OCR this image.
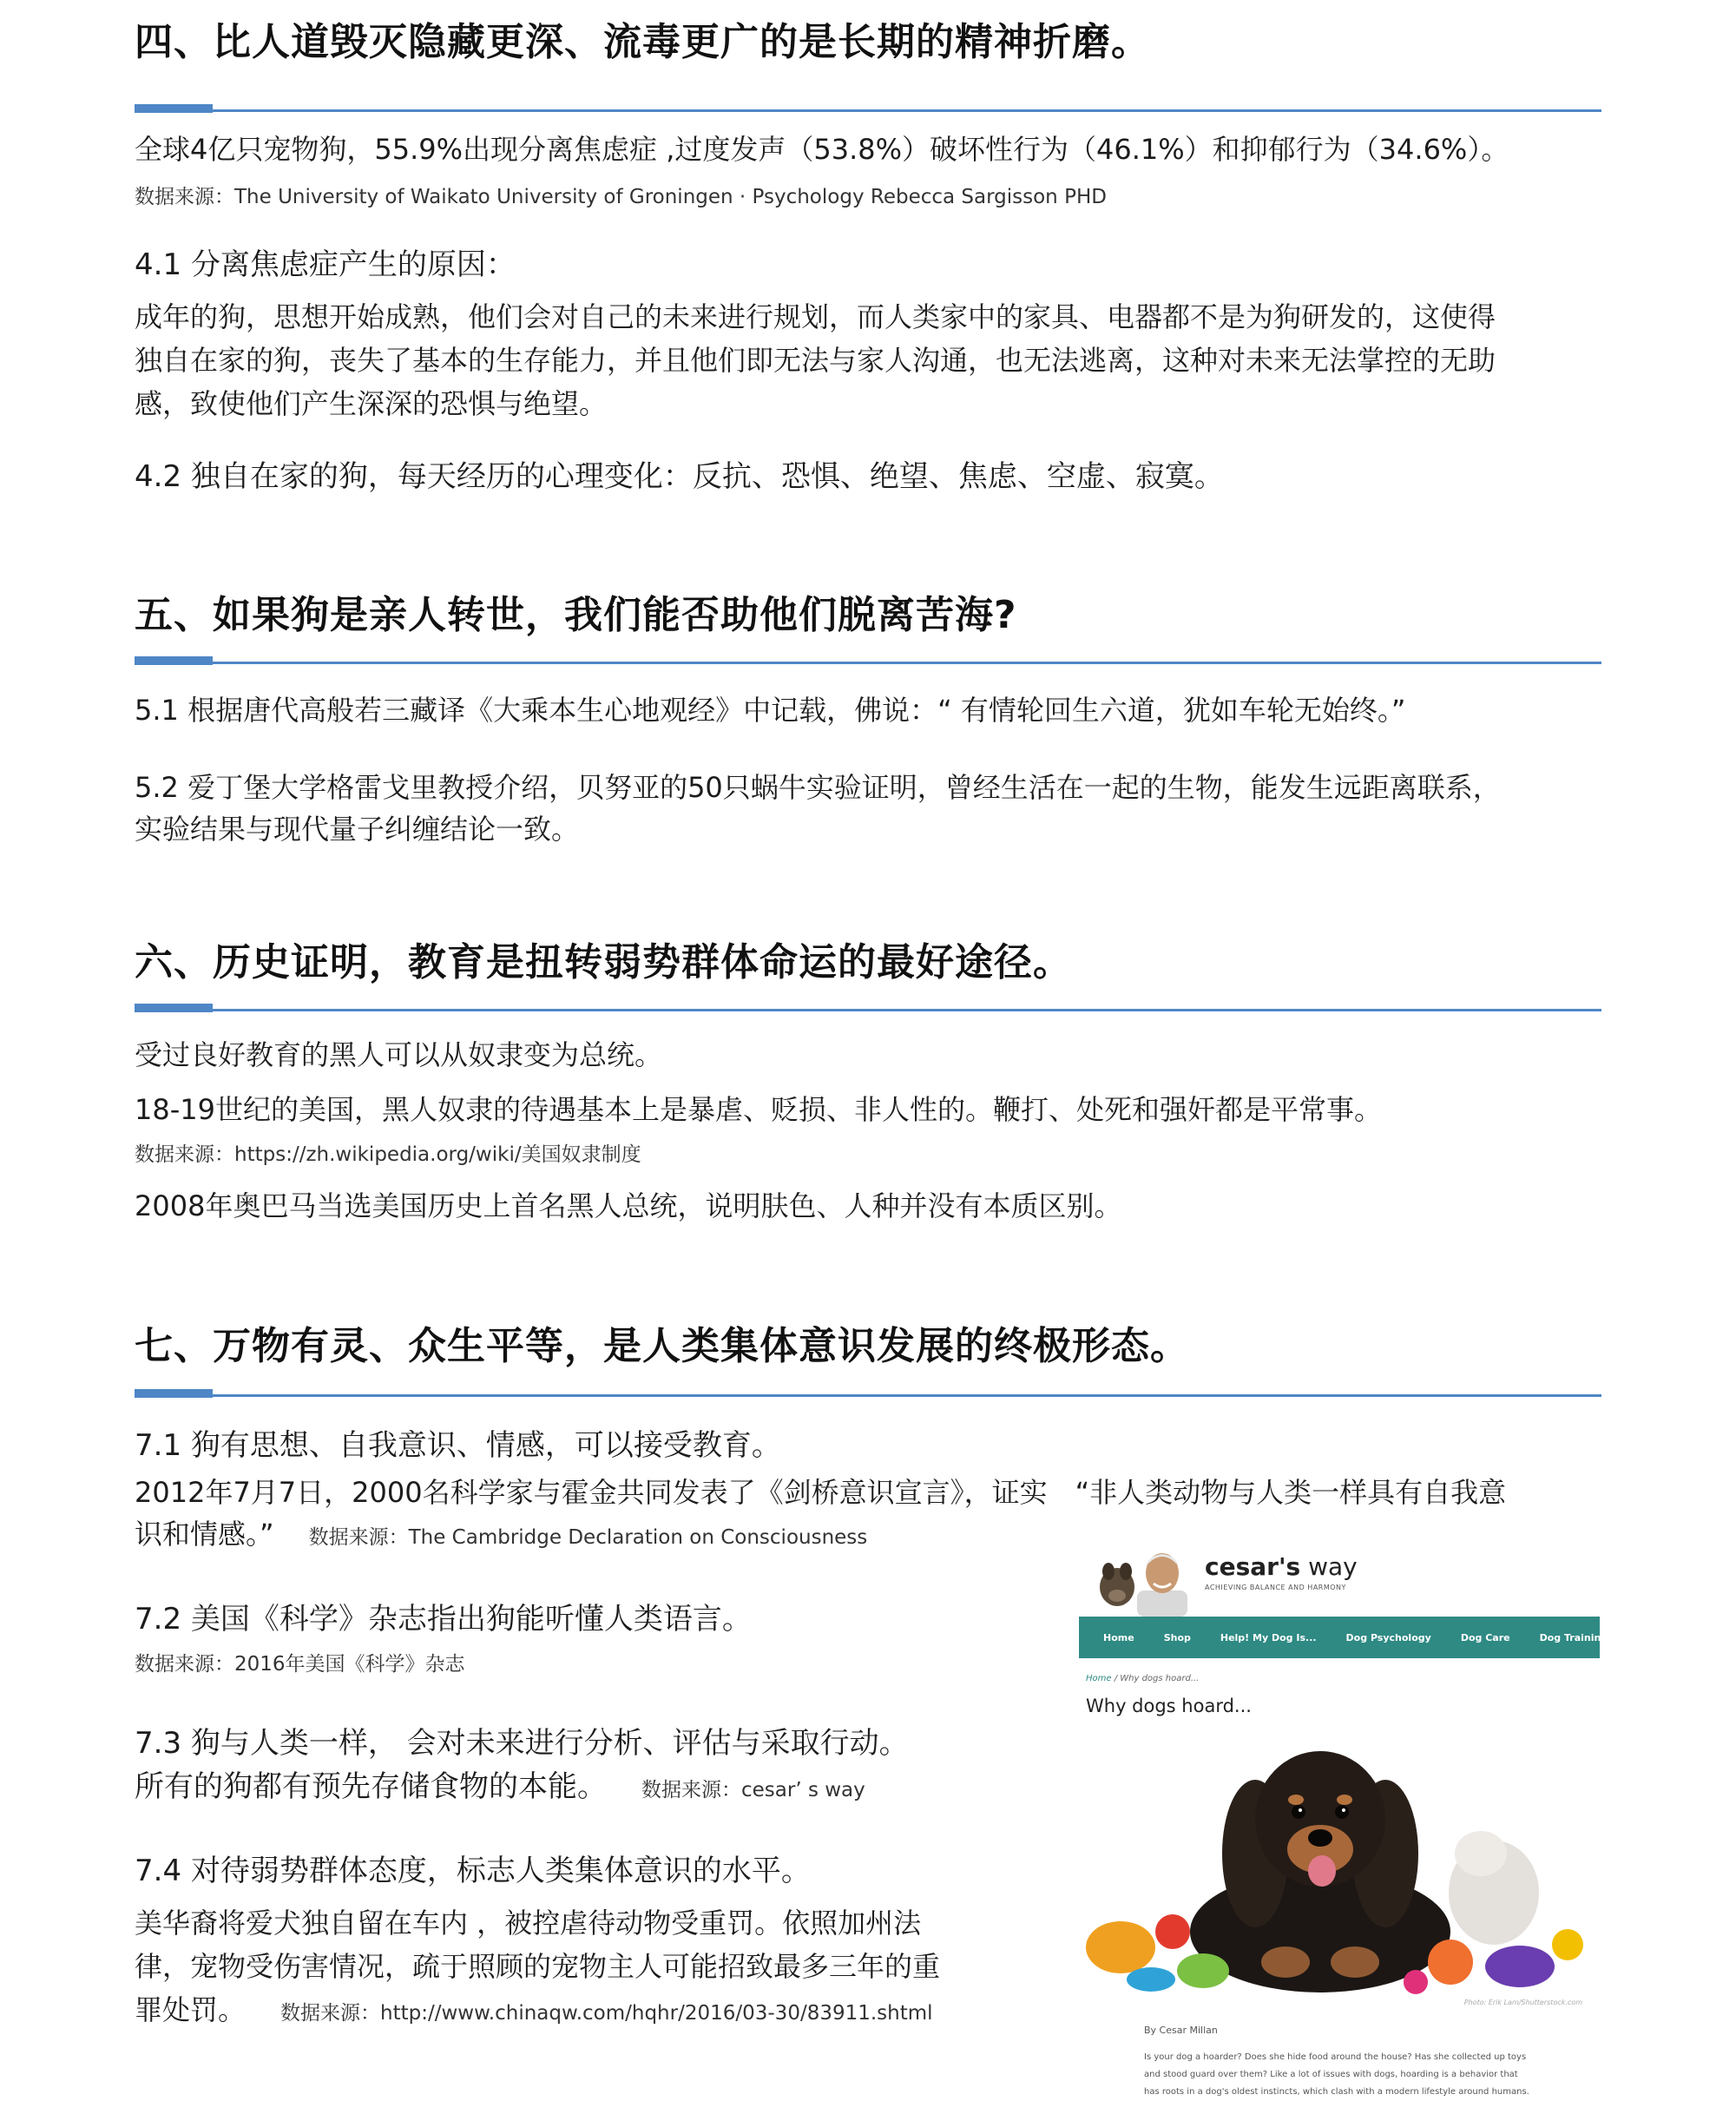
四、比人道毁灭隐藏更深、流毒更广的是长期的精神折磨。
全球4亿只宠物狗，55.9%出现分离焦虑症 ,过度发声（53.8%）破坏性行为（46.1%）和抑郁行为（34.6%）。
数据来源：The University of Waikato University of Groningen · Psychology Rebecca Sargisson PHD
4.1 分离焦虑症产生的原因：
成年的狗，思想开始成熟，他们会对自己的未来进行规划，而人类家中的家具、电器都不是为狗研发的，这使得
独自在家的狗，丧失了基本的生存能力，并且他们即无法与家人沟通，也无法逃离，这种对未来无法掌控的无助
感，致使他们产生深深的恐惧与绝望。
4.2 独自在家的狗，每天经历的心理变化：反抗、恐惧、绝望、焦虑、空虚、寂寞。
五、如果狗是亲人转世，我们能否助他们脱离苦海?
5.1 根据唐代高般若三藏译《大乘本生心地观经》中记载，佛说：“ 有情轮回生六道，犹如车轮无始终。”
5.2 爱丁堡大学格雷戈里教授介绍，贝努亚的50只蜗牛实验证明，曾经生活在一起的生物，能发生远距离联系，
实验结果与现代量子纠缠结论一致。
六、历史证明，教育是扭转弱势群体命运的最好途径。
受过良好教育的黑人可以从奴隶变为总统。
18-19世纪的美国，黑人奴隶的待遇基本上是暴虐、贬损、非人性的。鞭打、处死和强奸都是平常事。
数据来源：https://zh.wikipedia.org/wiki/美国奴隶制度
2008年奥巴马当选美国历史上首名黑人总统，说明肤色、人种并没有本质区别。
七、万物有灵、众生平等，是人类集体意识发展的终极形态。
7.1 狗有思想、自我意识、情感，可以接受教育。
2012年7月7日，2000名科学家与霍金共同发表了《剑桥意识宣言》，证实　“非人类动物与人类一样具有自我意
识和情感。” 数据来源：The Cambridge Declaration on Consciousness
7.2 美国《科学》杂志指出狗能听懂人类语言。
数据来源：2016年美国《科学》杂志
7.3 狗与人类一样， 会对未来进行分析、评估与采取行动。
所有的狗都有预先存储食物的本能。 数据来源：cesar’ s way
7.4 对待弱势群体态度，标志人类集体意识的水平。
美华裔将爱犬独自留在车内 ，被控虐待动物受重罚。依照加州法
律，宠物受伤害情况，疏于照顾的宠物主人可能招致最多三年的重
罪处罚。 数据来源：http://www.chinaqw.com/hqhr/2016/03-30/83911.shtml
cesar's way
ACHIEVING BALANCE AND HARMONY
Home	Shop	Help! My Dog Is...	Dog Psychology	Dog Care	Dog Training
Home / Why dogs hoard...
Why dogs hoard...
Photo: Erik Lam/Shutterstock.com
By Cesar Millan
Is your dog a hoarder? Does she hide food around the house? Has she collected up toys
and stood guard over them? Like a lot of issues with dogs, hoarding is a behavior that
has roots in a dog's oldest instincts, which clash with a modern lifestyle around humans.
